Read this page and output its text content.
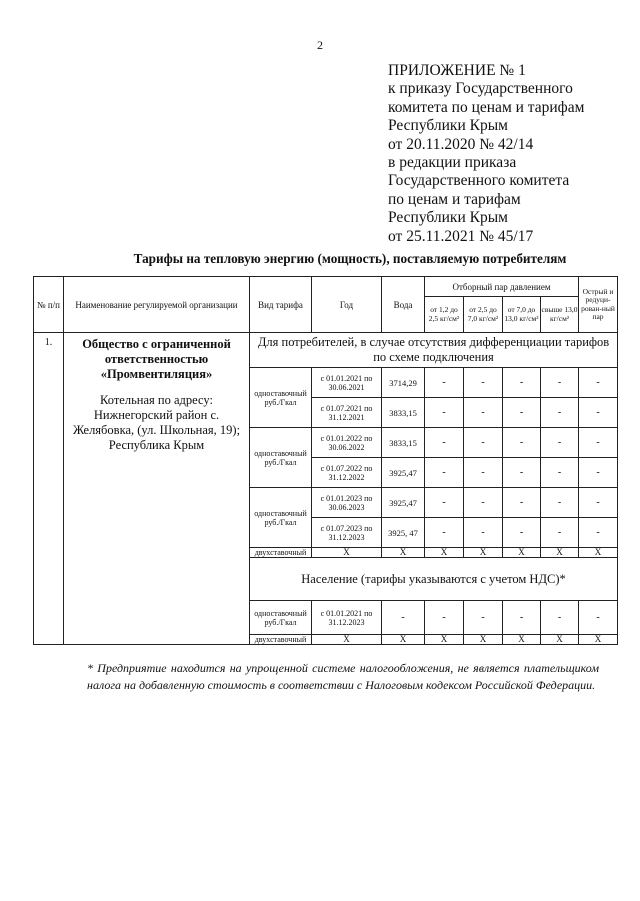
2
ПРИЛОЖЕНИЕ № 1
к приказу Государственного
комитета по ценам и тарифам
Республики Крым
от 20.11.2020 № 42/14
в редакции приказа
Государственного комитета
по ценам и тарифам
Республики Крым
от 25.11.2021 № 45/17
Тарифы на тепловую энергию (мощность), поставляемую потребителям
№ п/п	Наименование регулируемой организации	Вид тарифа	Год	Вода	Отборный пар давлением				Острый и редуци-рован-ный пар
					от 1,2 до 2,5 кг/см²	от 2,5 до 7,0 кг/см²	от 7,0 до 13,0 кг/см²	свыше 13,0 кг/см²	
1.	Общество с ограниченной ответственностью «Промвентиляция»
Котельная по адресу: Нижнегорский район с. Желябовка, (ул. Школьная, 19); Республика Крым	Для потребителей, в случае отсутствия дифференциации тарифов по схеме подключения							
		одноставочный руб./Гкал	с 01.01.2021 по 30.06.2021	3714,29	-	-	-	-	-
			с 01.07.2021 по 31.12.2021	3833,15	-	-	-	-	-
		одноставочный руб./Гкал	с 01.01.2022 по 30.06.2022	3833,15	-	-	-	-	-
			с 01.07.2022 по 31.12.2022	3925,47	-	-	-	-	-
		одноставочный руб./Гкал	с 01.01.2023 по 30.06.2023	3925,47	-	-	-	-	-
			с 01.07.2023 по 31.12.2023	3925, 47	-	-	-	-	-
		двухставочный	X	X	X	X	X	X	X
		Население (тарифы указываются с учетом НДС)*							
		одноставочный руб./Гкал	с 01.01.2021 по 31.12.2023	-	-	-	-	-	-
		двухставочный	X	X	X	X	X	X	X
* Предприятие находится на упрощенной системе налогообложения, не является плательщиком налога на добавленную стоимость в соответствии с Налоговым кодексом Российской Федерации.
